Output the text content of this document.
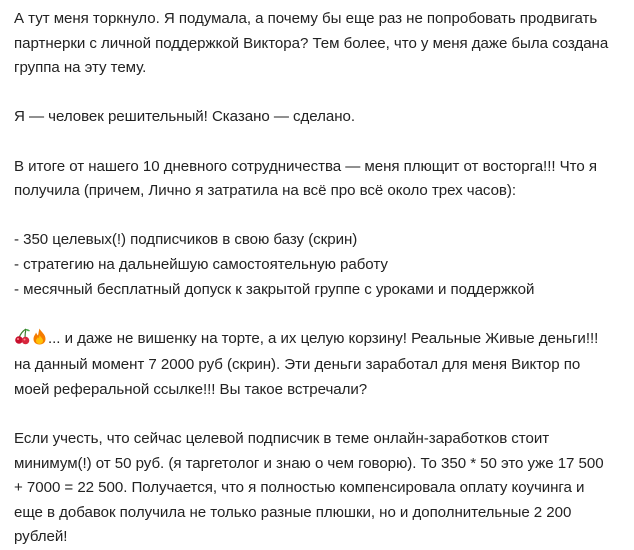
А тут меня торкнуло. Я подумала, а почему бы еще раз не попробовать продвигать
партнерки с личной поддержкой Виктора? Тем более, что у меня даже была создана
группа на эту тему.
Я — человек решительный! Сказано — сделано.
В итоге от нашего 10 дневного сотрудничества — меня плющит от восторга!!! Что я
получила (причем, Лично я затратила на всё про всё около трех часов):
- 350 целевых(!) подписчиков в свою базу (скрин)
- стратегию на дальнейшую самостоятельную работу
- месячный бесплатный допуск к закрытой группе с уроками и поддержкой
... и даже не вишенку на торте, а их целую корзину! Реальные Живые деньги!!!
на данный момент 7 2000 руб (скрин). Эти деньги заработал для меня Виктор по
моей реферальной ссылке!!! Вы такое встречали?
Если учесть, что сейчас целевой подписчик в теме онлайн-заработков стоит
минимум(!) от 50 руб. (я таргетолог и знаю о чем говорю). То 350 * 50 это уже 17 500
+ 7000 = 22 500. Получается, что я полностью компенсировала оплату коучинга и
еще в добавок получила не только разные плюшки, но и дополнительные 2 200
рублей!
